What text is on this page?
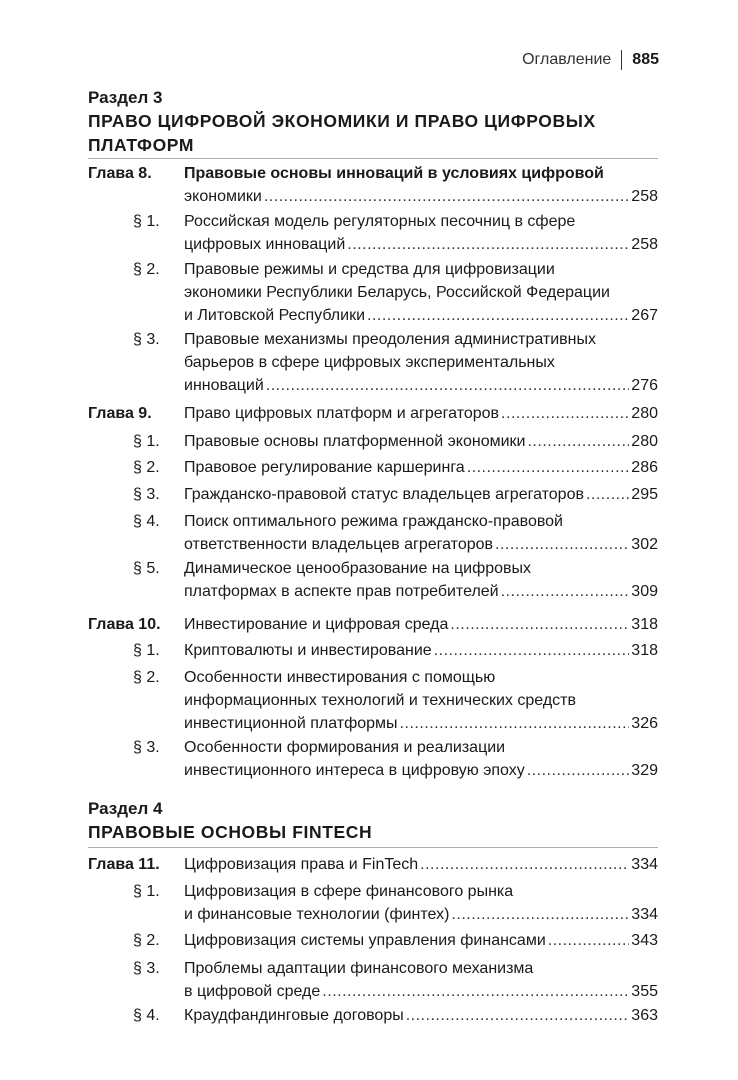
Оглавление 885
Раздел 3
ПРАВО ЦИФРОВОЙ ЭКОНОМИКИ И ПРАВО ЦИФРОВЫХ
ПЛАТФОРМ
Раздел 4
ПРАВОВЫЕ ОСНОВЫ FINTECH
Глава 8. Правовые основы инноваций в условиях цифровой
экономики .....	258
§ 1. Российская модель регуляторных песочниц в сфере
цифровых инноваций .....	258
§ 2. Правовые режимы и средства для цифровизации
экономики Республики Беларусь, Российской Федерации
и Литовской Республики .....	267
§ 3. Правовые механизмы преодоления административных
барьеров в сфере цифровых экспериментальных
инноваций .....	276
Глава 9. Право цифровых платформ и агрегаторов .....	280
§ 1. Правовые основы платформенной экономики .....	280
§ 2. Правовое регулирование каршеринга .....	286
§ 3. Гражданско-правовой статус владельцев агрегаторов .....	295
§ 4. Поиск оптимального режима гражданско-правовой
ответственности владельцев агрегаторов .....	302
§ 5. Динамическое ценообразование на цифровых
платформах в аспекте прав потребителей .....	309
Глава 10. Инвестирование и цифровая среда .....	318
§ 1. Криптовалюты и инвестирование .....	318
§ 2. Особенности инвестирования с помощью
информационных технологий и технических средств
инвестиционной платформы .....	326
§ 3. Особенности формирования и реализации
инвестиционного интереса в цифровую эпоху .....	329
Глава 11. Цифровизация права и FinTech .....	334
§ 1. Цифровизация в сфере финансового рынка
и финансовые технологии (финтех) .....	334
§ 2. Цифровизация системы управления финансами .....	343
§ 3. Проблемы адаптации финансового механизма
в цифровой среде .....	355
§ 4. Краудфандинговые договоры .....	363
